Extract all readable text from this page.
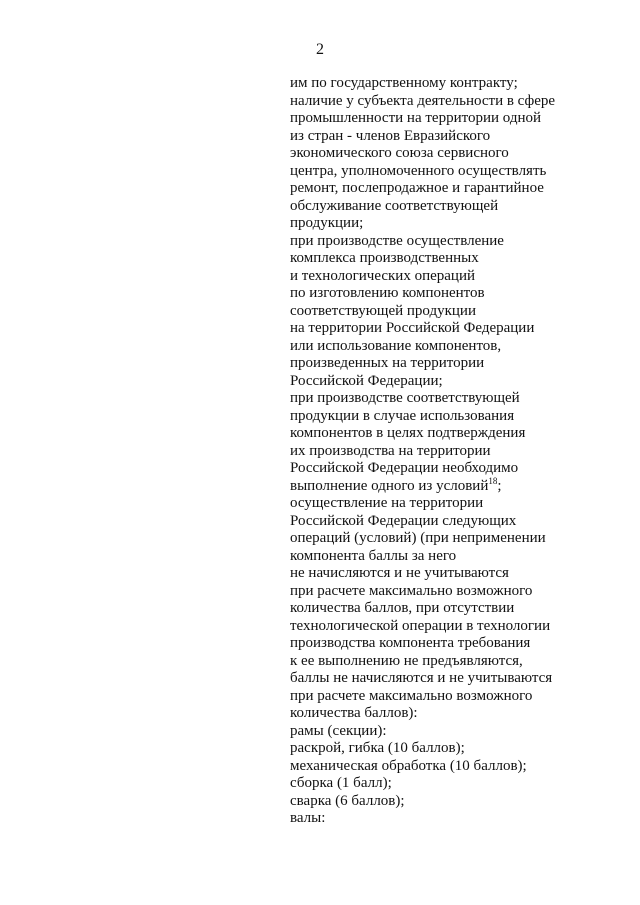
2

им по государственному контракту;

наличие у субъекта деятельности в сфере

промышленности на территории одной

из стран - членов Евразийского

экономического союза сервисного

центра, уполномоченного осуществлять

ремонт, послепродажное и гарантийное

обслуживание соответствующей

продукции;

при производстве осуществление

комплекса производственных

и технологических операций

по изготовлению компонентов

соответствующей продукции

на территории Российской Федерации

или использование компонентов,

произведенных на территории

Российской Федерации;

при производстве соответствующей

продукции в случае использования

компонентов в целях подтверждения

их производства на территории

Российской Федерации необходимо

выполнение одного из условий$^{18}$;

осуществление на территории

Российской Федерации следующих

операций (условий) (при неприменении

компонента баллы за него

не начисляются и не учитываются

при расчете максимально возможного

количества баллов, при отсутствии

технологической операции в технологии

производства компонента требования

к ее выполнению не предъявляются,

баллы не начисляются и не учитываются

при расчете максимально возможного

количества баллов):

рамы (секции):

раскрой, гибка (10 баллов);

механическая обработка (10 баллов);

сборка (1 балл);

сварка (6 баллов);

валы:
